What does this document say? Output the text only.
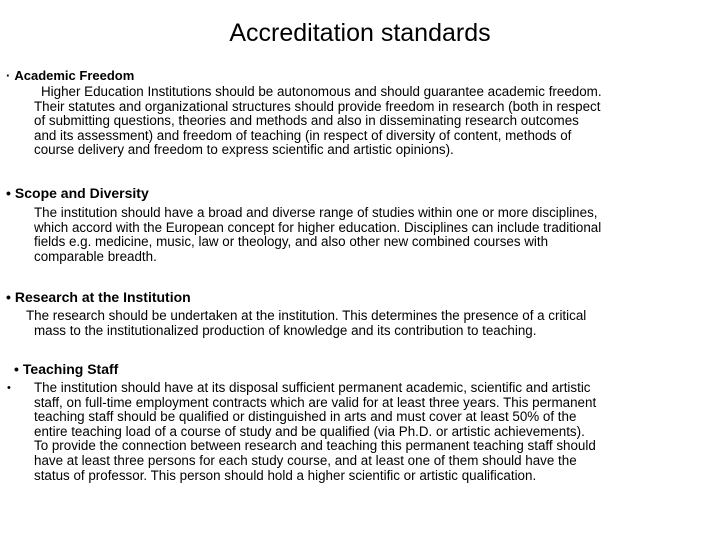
Accreditation standards
· Academic Freedom
Higher Education Institutions should be autonomous and should guarantee academic freedom.
Their statutes and organizational structures should provide freedom in research (both in respect
of submitting questions, theories and methods and also in disseminating research outcomes
and its assessment) and freedom of teaching (in respect of diversity of content, methods of
course delivery and freedom to express scientific and artistic opinions).
• Scope and Diversity
The institution should have a broad and diverse range of studies within one or more disciplines,
which accord with the European concept for higher education. Disciplines can include traditional
fields e.g. medicine, music, law or theology, and also other new combined courses with
comparable breadth.
• Research at the Institution
The research should be undertaken at the institution. This determines the presence of a critical
mass to the institutionalized production of knowledge and its contribution to teaching.
• Teaching Staff
• The institution should have at its disposal sufficient permanent academic, scientific and artistic
staff, on full-time employment contracts which are valid for at least three years. This permanent
teaching staff should be qualified or distinguished in arts and must cover at least 50% of the
entire teaching load of a course of study and be qualified (via Ph.D. or artistic achievements).
To provide the connection between research and teaching this permanent teaching staff should
have at least three persons for each study course, and at least one of them should have the
status of professor. This person should hold a higher scientific or artistic qualification.
